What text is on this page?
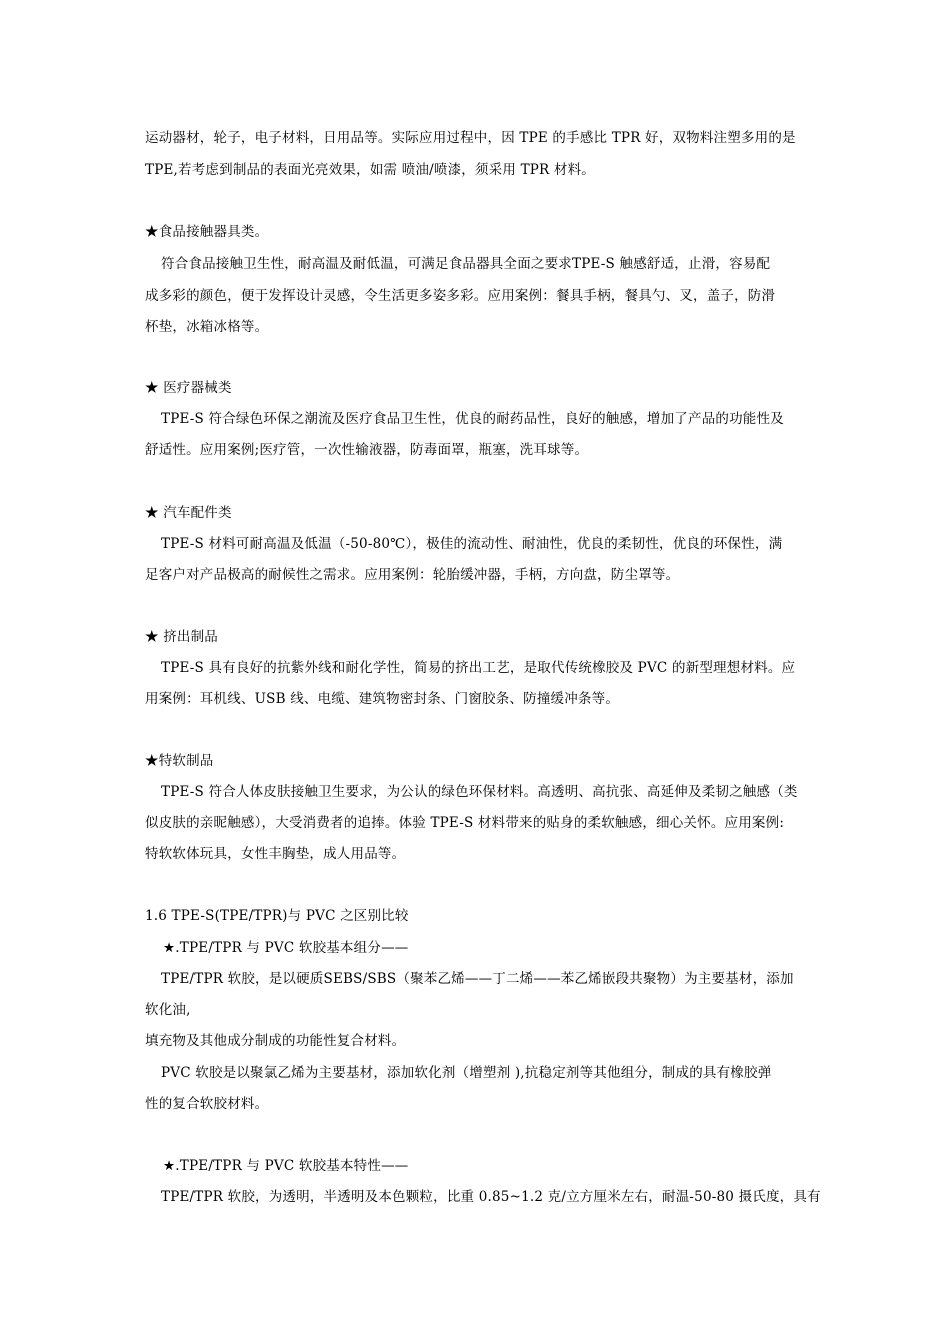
运动器材，轮子，电子材料，日用品等。实际应用过程中，因 TPE 的手感比 TPR 好，双物料注塑多用的是
TPE,若考虑到制品的表面光亮效果，如需 喷油/喷漆，须采用 TPR 材料。
★食品接触器具类。
符合食品接触卫生性，耐高温及耐低温，可满足食品器具全面之要求TPE-S 触感舒适，止滑，容易配
成多彩的颜色，便于发挥设计灵感，令生活更多姿多彩。应用案例：餐具手柄，餐具勺、叉，盖子，防滑
杯垫，冰箱冰格等。
★ 医疗器械类
TPE-S 符合绿色环保之潮流及医疗食品卫生性，优良的耐药品性，良好的触感，增加了产品的功能性及
舒适性。应用案例;医疗管，一次性输液器，防毒面罩，瓶塞，洗耳球等。
★ 汽车配件类
TPE-S 材料可耐高温及低温（-50-80℃），极佳的流动性、耐油性，优良的柔韧性，优良的环保性，满
足客户对产品极高的耐候性之需求。应用案例：轮胎缓冲器，手柄，方向盘，防尘罩等。
★ 挤出制品
TPE-S 具有良好的抗紫外线和耐化学性，简易的挤出工艺，是取代传统橡胶及 PVC 的新型理想材料。应
用案例：耳机线、USB 线、电缆、建筑物密封条、门窗胶条、防撞缓冲条等。
★特软制品
TPE-S 符合人体皮肤接触卫生要求，为公认的绿色环保材料。高透明、高抗张、高延伸及柔韧之触感（类
似皮肤的亲昵触感），大受消费者的追捧。体验 TPE-S 材料带来的贴身的柔软触感，细心关怀。应用案例:
特软软体玩具，女性丰胸垫，成人用品等。
1.6 TPE-S(TPE/TPR)与 PVC 之区别比较
★.TPE/TPR 与 PVC 软胶基本组分——
TPE/TPR 软胶，是以硬质SEBS/SBS（聚苯乙烯——丁二烯——苯乙烯嵌段共聚物）为主要基材，添加
软化油,
填充物及其他成分制成的功能性复合材料。
PVC 软胶是以聚氯乙烯为主要基材，添加软化剂（增塑剂 ),抗稳定剂等其他组分，制成的具有橡胶弹
性的复合软胶材料。
★.TPE/TPR 与 PVC 软胶基本特性——
TPE/TPR 软胶，为透明，半透明及本色颗粒，比重 0.85~1.2 克/立方厘米左右，耐温-50-80 摄氏度，具有
